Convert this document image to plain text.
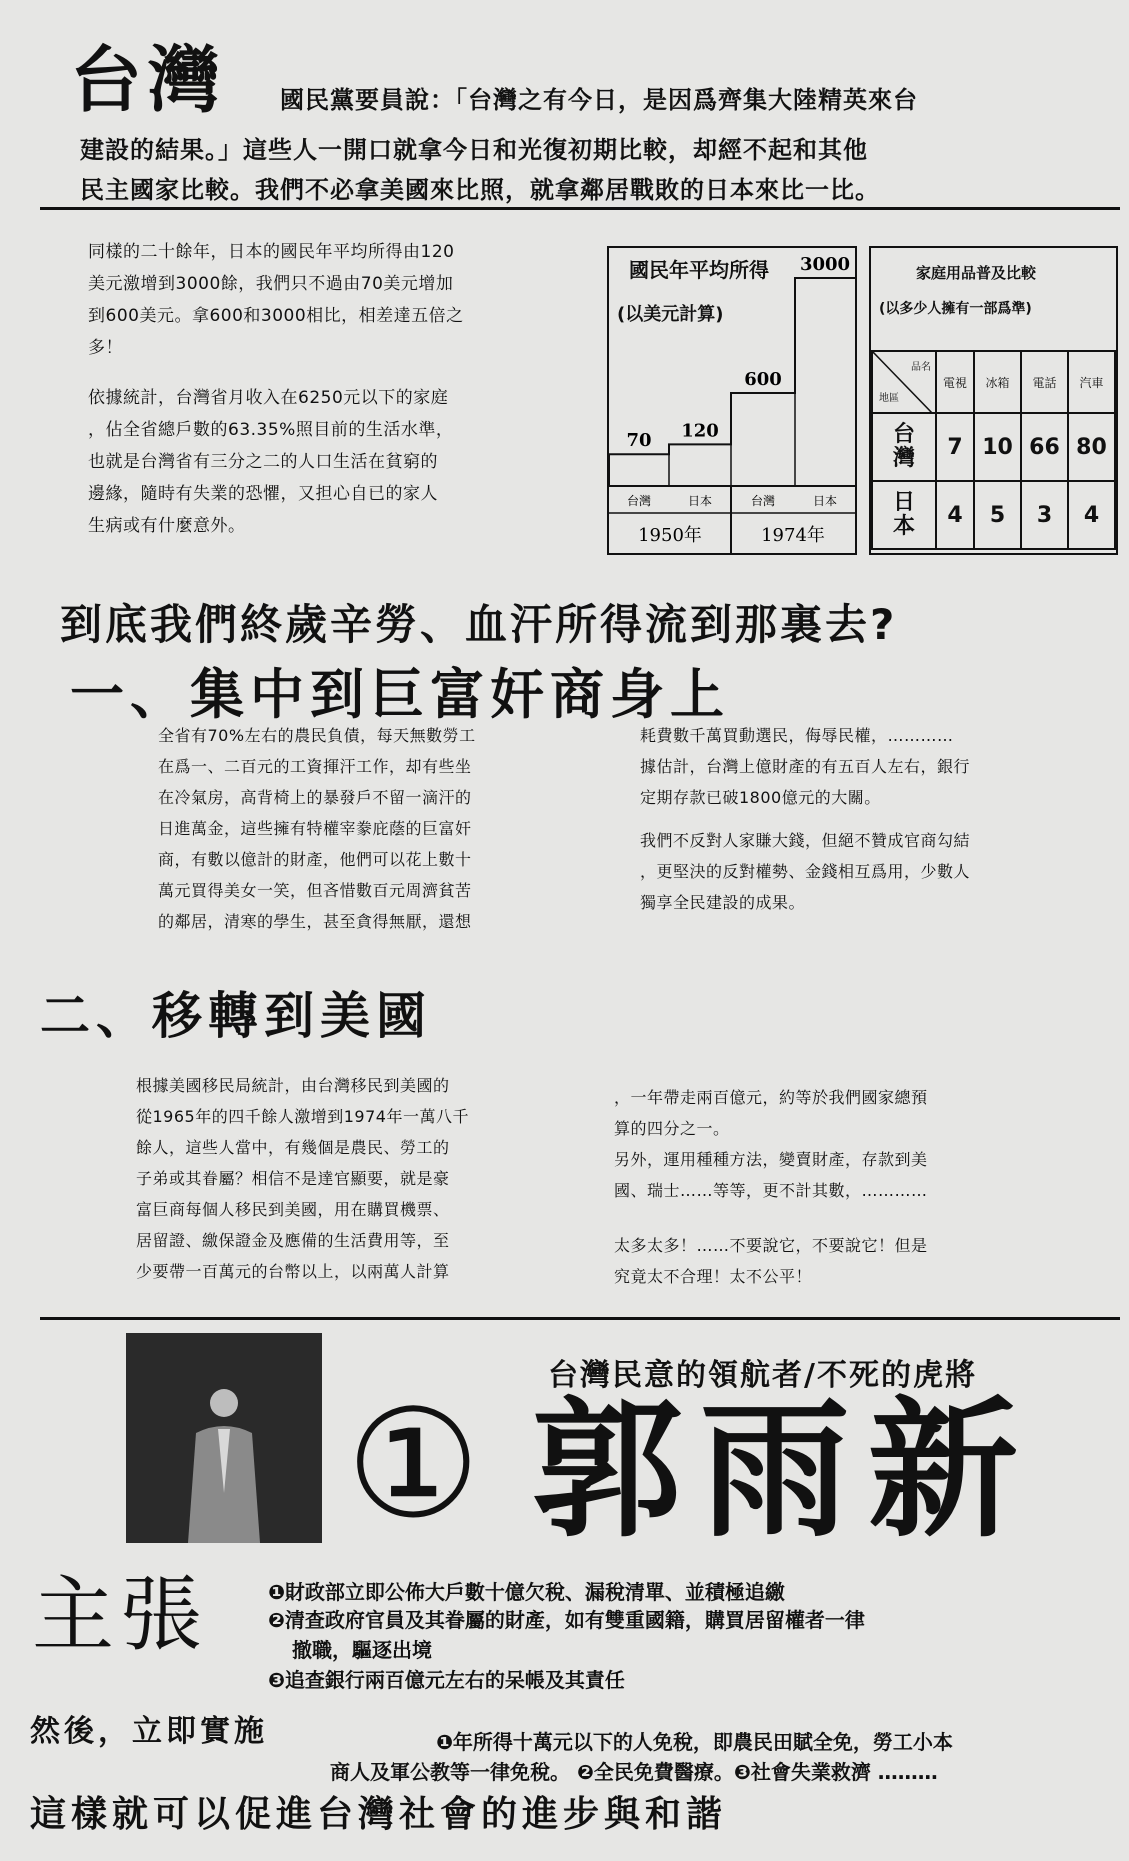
台灣 國民黨要員說：「台灣之有今日，是因爲齊集大陸精英來台
建設的結果。」這些人一開口就拿今日和光復初期比較，却經不起和其他
民主國家比較。我們不必拿美國來比照，就拿鄰居戰敗的日本來比一比。

同樣的二十餘年，日本的國民年平均所得由120
美元激增到3000餘，我們只不過由70美元增加
到600美元。拿600和3000相比，相差達五倍之
多！

依據統計，台灣省月收入在6250元以下的家庭
，佔全省總戶數的63.35%照目前的生活水準，
也就是台灣省有三分之二的人口生活在貧窮的
邊緣，隨時有失業的恐懼，又担心自已的家人
生病或有什麼意外。

國民年平均所得
(以美元計算)
70 120
600
3000
台灣	日本	台灣	日本
1950年	1974年
家庭用品普及比較
(以多少人擁有一部爲準)
品名
地區	電視	冰箱	電話	汽車
台灣	7	10	66	80
日本	4	5	3	4
到底我們終歲辛勞、血汗所得流到那裏去?
一、集中到巨富奸商身上

全省有70%左右的農民負債，每天無數勞工
在爲一、二百元的工資揮汗工作，却有些坐
在冷氣房，高背椅上的暴發戶不留一滴汗的
日進萬金，這些擁有特權宰豢庇蔭的巨富奸
商，有數以億計的財產，他們可以花上數十
萬元買得美女一笑，但吝惜數百元周濟貧苦
的鄰居，清寒的學生，甚至貪得無厭，還想

耗費數千萬買動選民，侮辱民權，…………
據估計，台灣上億財產的有五百人左右，銀行
定期存款已破1800億元的大關。

我們不反對人家賺大錢，但絕不贊成官商勾結
，更堅決的反對權勢、金錢相互爲用，少數人
獨享全民建設的成果。

二、移轉到美國

根據美國移民局統計，由台灣移民到美國的
從1965年的四千餘人激增到1974年一萬八千
餘人，這些人當中，有幾個是農民、勞工的
子弟或其眷屬？相信不是達官顯要，就是豪
富巨商每個人移民到美國，用在購買機票、
居留證、繳保證金及應備的生活費用等，至
少要帶一百萬元的台幣以上，以兩萬人計算

，一年帶走兩百億元，約等於我們國家總預
算的四分之一。
另外，運用種種方法，變賣財產，存款到美
國、瑞士……等等，更不計其數，…………

太多太多！……不要說它，不要說它！但是
究竟太不合理！太不公平！

台灣民意的領航者/不死的虎將
① 郭雨新
主張	❶財政部立即公佈大戶數十億欠稅、漏稅清單、並積極追繳
❷清查政府官員及其眷屬的財產，如有雙重國籍，購買居留權者一律
撤職，驅逐出境
❸追查銀行兩百億元左右的呆帳及其責任
然後，立即實施	❶年所得十萬元以下的人免稅，即農民田賦全免，勞工小本
商人及軍公教等一律免稅。 ❷全民免費醫療。❸社會失業救濟 ………
這樣就可以促進台灣社會的進步與和諧
